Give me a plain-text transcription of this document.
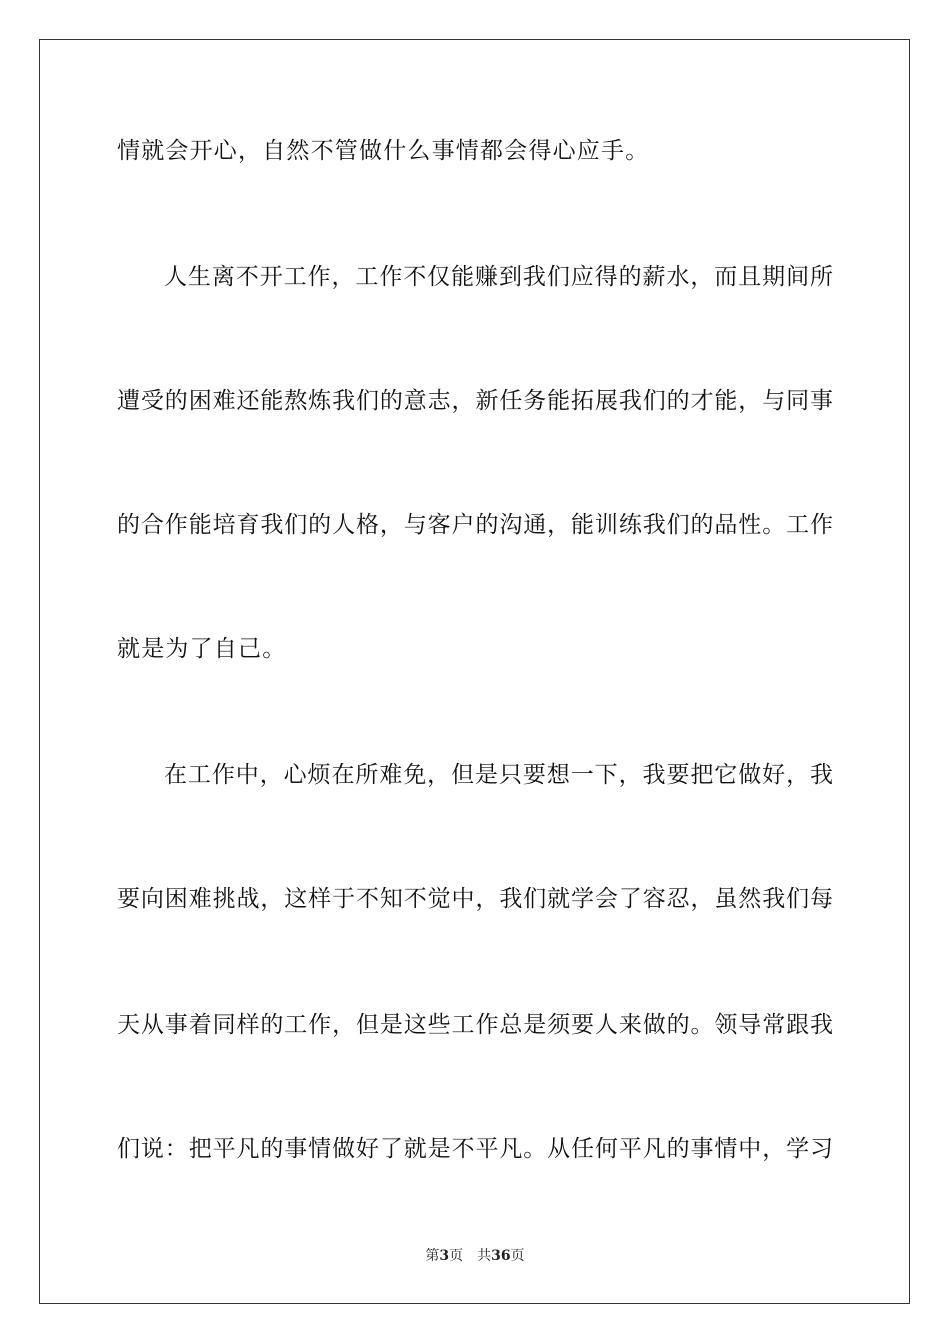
情就会开心，自然不管做什么事情都会得心应手。
人生离不开工作，工作不仅能赚到我们应得的薪水，而且期间所
遭受的困难还能熬炼我们的意志，新任务能拓展我们的才能，与同事
的合作能培育我们的人格，与客户的沟通，能训练我们的品性。工作
就是为了自己。
在工作中，心烦在所难免，但是只要想一下，我要把它做好，我
要向困难挑战，这样于不知不觉中，我们就学会了容忍，虽然我们每
天从事着同样的工作，但是这些工作总是须要人来做的。领导常跟我
们说：把平凡的事情做好了就是不平凡。从任何平凡的事情中，学习
第3页 共36页
